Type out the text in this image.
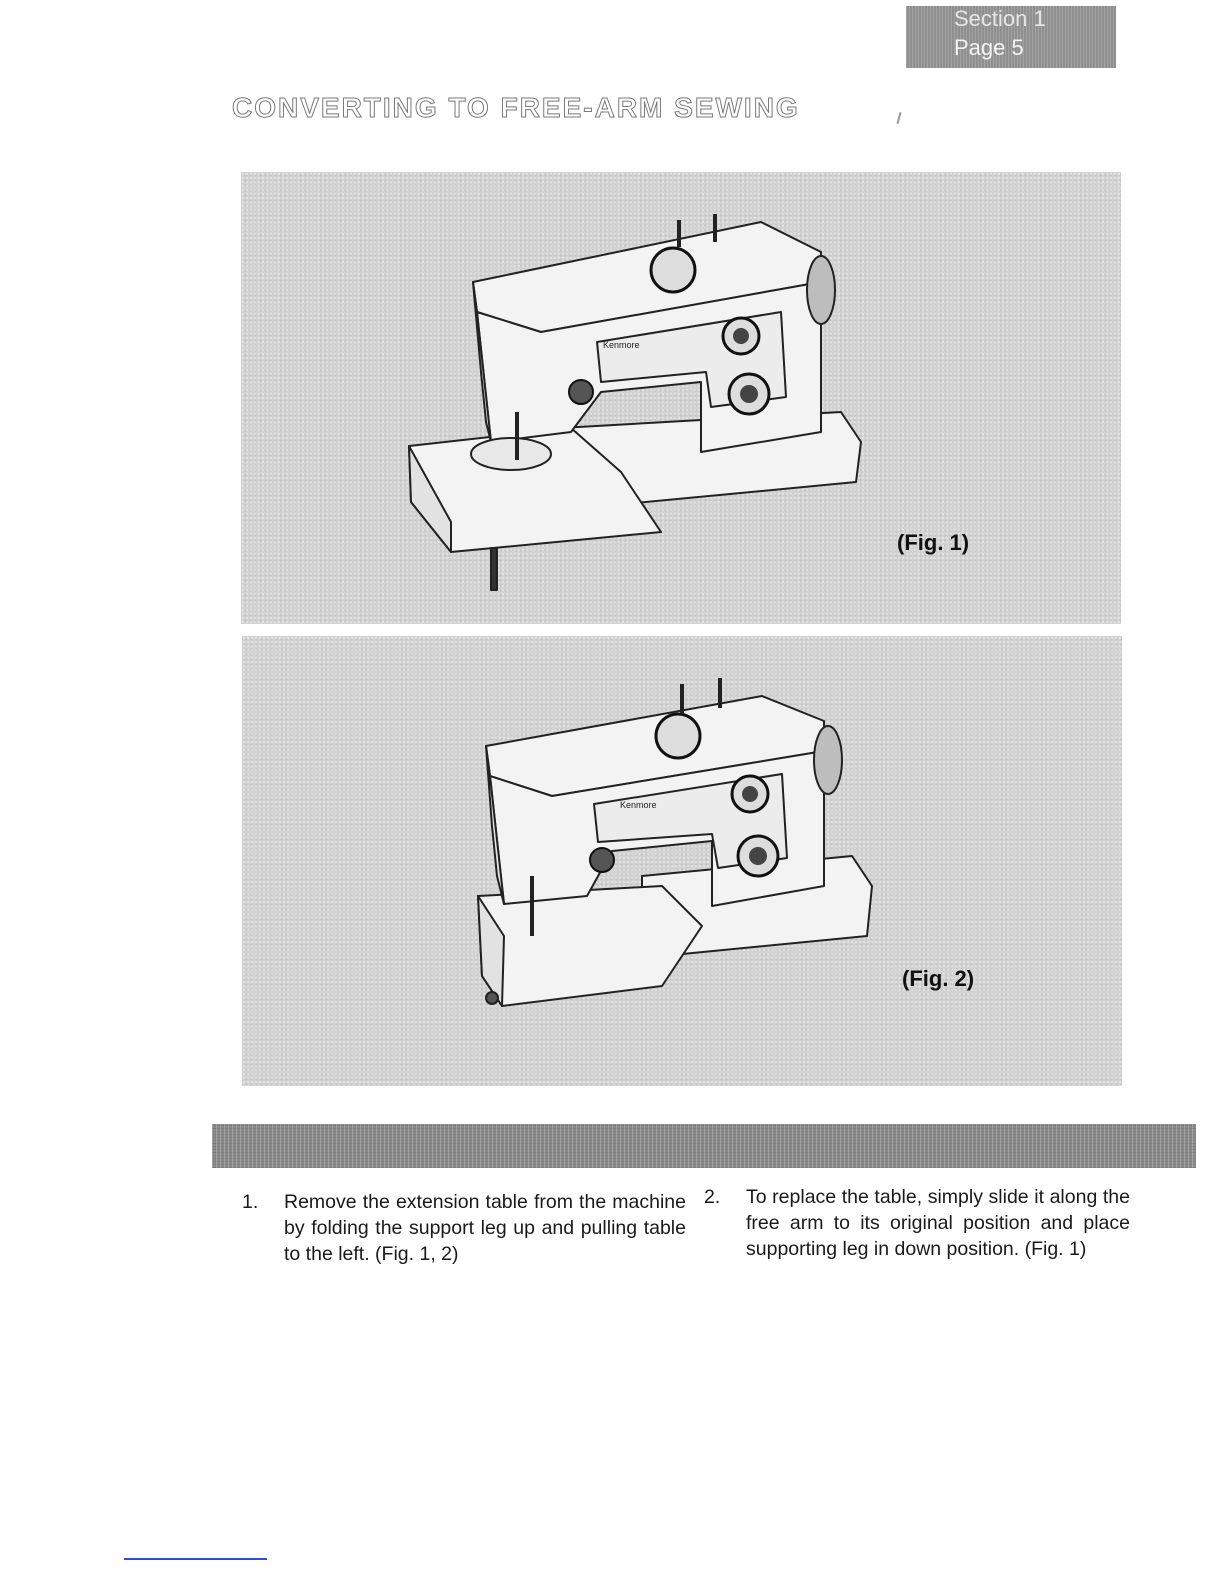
Section 1
Page 5
CONVERTING TO FREE-ARM SEWING
Kenmore
(Fig. 1)
Kenmore
(Fig. 2)
1. Remove the extension table from the machine by folding the support leg up and pulling table to the left. (Fig. 1, 2)
2. To replace the table, simply slide it along the free arm to its original position and place supporting leg in down position. (Fig. 1)
